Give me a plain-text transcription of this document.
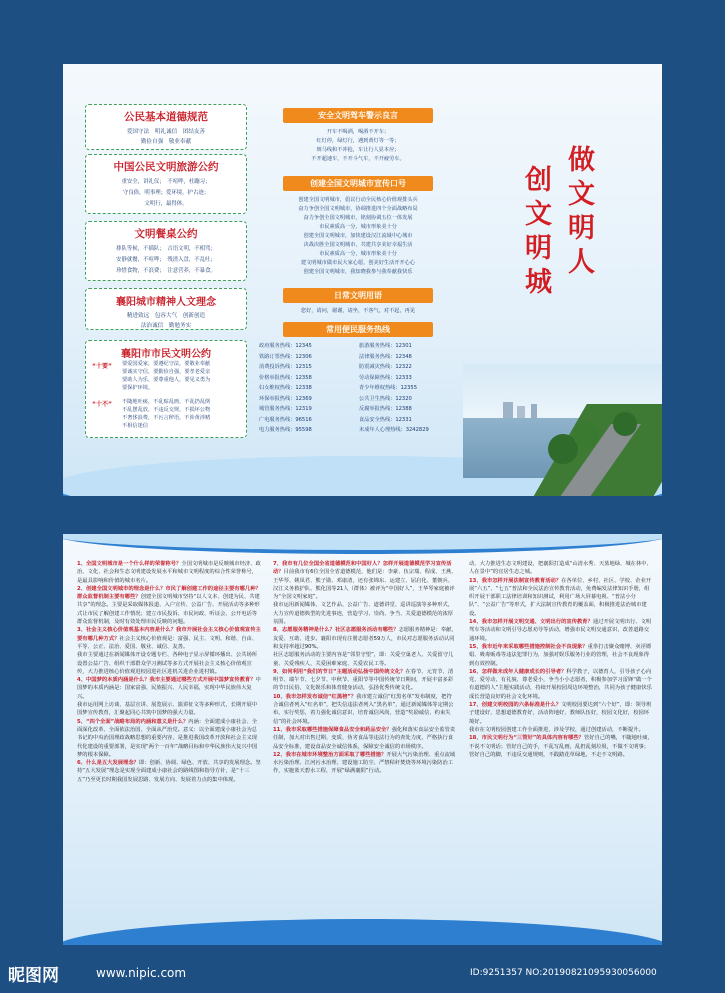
公民基本道德规范
爱国守法　明礼诚信　团结友善
勤俭自强　敬业奉献
中国公民文明旅游公约
重安全，讲礼仪；　不喧哗，杜蹦习；
守良俗，明事理；爱环境，护古迹；
文明行，最得体。
文明餐桌公约
排队等候，不插队；　吉语文明，不相骂；
安静就餐，不喧哗；　残渣入盘，不乱吐；
珍惜食物，不浪费；　注意营养，不暴食。
襄阳城市精神人文理念
精进致远　包容大气　创新创造
法治诚信　勤勉务实
襄阳市市民文明公约
“十要” 要爱国爱家，要遵纪守法，要敬业奉献
要诚实守信，要勤俭自强，要孝老爱亲
要助人为乐，要尊重他人，要见义勇为
要保护环境。
“十不” 不随地吐痰，不乱贴乱画，不乱扔乱倒
不乱摆乱放，不违反交规，不损坏公物
不奢侈浪费，不污言秽语，不涉黄涉赌
不相信迷信
安全文明驾车警示良言
开车不喝酒，喝酒不开车；
红灯停，绿灯行，遇到黄灯等一等；
斑马线和不冲抢，车让行人显本应；
不开超速车，不开斗气车，不开疲劳车。
创建全国文明城市宣传口号
创建全国文明城市，倡议行动全民核心价值观排头兵
奋力争创全国文明城市，协调推进四个全面战略布局
奋力争创全国文明城市，铭刻协调五位一体发展
市民素质高一分，城市形象美十分
创建全国文明城市，加快建设汉江流域中心城市
决战决胜全国文明城市，共建共享美好幸福生活
市民素质高一分，城市形象美十分
建文明城市做市民大家心愿，创美好生活开开心心
创建全国文明城市，我知晓我参与我奉献我快乐
日常文明用语
您好，请问，谢谢，请坐，不客气，对不起，再见
常用便民服务热线
政府服务热线：12345
铁路订票热线：12306
消费投诉热线：12315
价格举报热线：12358
妇女维权热线：12338
环保举报热线：12369
城管服务热线：12319
广电服务热线：96516
电力服务热线：95598
旅游服务热线：12301
法律服务热线：12348
防震减灾热线：12322
劳动保障热线：12333
青少年维权热线：12355
公共卫生热线：12320
反腐举报热线：12388
食品安全热线：12331
未成年人心理热线：3242829
做
文
明
人
创
文
明
城
1、全国文明城市是一个什么样的荣誉称号？全国文明城市是反映城市经济、政治、文化、社会和生态文明建设发展水平和城市文明程度的综合性荣誉称号，是最具影响和价值的城市名片。
2、创建全国文明城市的理念是什么？市民了解创建工作的途径主要有哪几种？群众监督机制主要有哪些？创建全国文明城市坚持“以人文本、创建为民、共建共享”的理念。主要是采取媒体报道、入户宣传、公益广告、开展活动等多种形式让市民了解创建工作情况；建立市民投诉、市民问政、听证会、公开电话等群众监督机制，及时有效处理市民反映的问题。
3、社会主义核心价值观基本内容是什么？我市开展社会主义核心价值观宣传主要有哪几种方式？社会主义核心价值观是：富强、民主、文明、和谐、自由、平等、公正、法治、爱国、敬业、诚信、友善。
我市主要通过在新闻媒体开设专题专栏、各种电子显示屏循环播出、公共场所设置公益广告、组织干部群众学习测试等多方式开展社会主义核心价值观宣传，大力推进核心价值观进校园进社区进机关进企业进村镇。
4、中国梦的本质内涵是什么？我市主要通过哪些方式开展中国梦宣传教育？中国梦的本质内涵是：国家富强、民族振兴、人民幸福，实现中华民族伟大复兴。
我市运用网上访谈、基层宣讲、展览展示、演讲征文等多种形式，长期开展中国梦宣传教育，汇聚起同心共筑中国梦的强大力量。
5、“四个全面”战略布局的内涵和意义是什么？内涵：全面建成小康社会、全面深化改革、全面依法治国、全面从严治党。意义：以全面建成小康社会为总书记的中央治国理政战略思想的重要内容，是推进我国改革开放和社会主义现代化建设的重要部署，是实现“两个一百年”战略目标和中华民族伟大复兴中国梦的根本保障。
6、什么是五大发展理念？即：创新、协调、绿色、开放、共享的发展理念。坚持“五大发展”理念是实现全面建成小康社会的路线图和指导方针，是“十三五”乃至更长时期我国发展思路、发展方向、发展着力点的集中体现。
7、我市有几位全国全省道德模范和中国好人？怎样开展道德模范学习宣传活动？目前我市有6位全国全省道德模范，他们是：李豪、伍宗瑞、程成、王燕、王华琴、姚凤君、熊子勋、邓康清，还有张锦东、运建立、屈启化、董朝兵、汉江义务救护队、熊化国等21人（群体）被评为“中国好人”，王华琴家庭被评为“全国文明家庭”。
我市运用新闻媒体、文艺作品、公益广告、道德讲堂、巡讲巡演等多种形式，大力宣传道德典型的先进事迹，营造学习、崇尚、争当、关爱道德模范的浓厚氛围。
8、志愿服务精神是什么？社区志愿服务活动有哪些？志愿服务精神是：奉献、友爱、互助、进步。襄阳市现有注册志愿者59万人，市民对志愿服务活动认同和支持率超过90%。
社区志愿服务活动的主要内容是“邻里守望”，即：关爱空巢老人、关爱留守儿童、关爱残疾人、关爱困难家庭、关爱农民工等。
9、如何利用“我们的节日”主题活动弘扬中国传统文化？在春节、元宵节、清明节、端午节、七夕节、中秋节、重阳节等中国传统节日期间，开展丰富多彩的节日民俗、文化娱乐和体育健身活动，弘扬优秀传统文化。
10、我市怎样发布诚信“红黑榜”？我市建立诚信“红黑名单”发布制度，把符合诚信者列入“红名单”，把失信违法者列入“黑名单”，通过新闻媒体等定期公布，实行奖惩，着力强化诚信意识，培育诚信风尚，营造“奖励诚信、约束失信”的社会环境。
11、我市采取哪些措施保障食品安全和药品安全？强化和落实食品安全监管责任制，加大对出售过期、变质、伪劣食品等违法行为的查处力度，严格执行食品安全标准，建设食品安全诚信体系，保障安全诚信的市场秩序。
12、我市在城市环境整治方面采取了哪些措施？开展大气污染治理、重点流域水污染治理、江河污水治理、建设施工防尘、严禁秸秆焚烧等环境污染防治工作，实施蓝天碧水工程，开展“绿满襄阳”行动。
动，大力推进生态文明建设，把襄阳打造成“山清水秀、天蓝地绿、城在林中、人在景中”的宜居生态之城。
13、我市怎样开展法制宣传教育活动？在各单位、乡村、社区、学校、企业开展“六五”、“七五”普法和全民法治宣传教育活动，免费编发法律知识手册，组织开展干部职工法律培训和知识测试，利用广场大屏幕电视、“普法小分队”、“公益广告”等形式，扩大法制宣传教育的覆盖面，积极推进法治城市建设。
14、我市怎样开展文明交通、文明出行的宣传教育？通过开展文明出行、文明驾车等活动和文明引导志愿劝导等活动，增强市民文明交通意识，改善道路交通环境。
15、我市近年来采取哪些措施控制社会不良现象？重拳打击聚众赌博、卖淫嫖娼、吸毒贩毒等违法犯罪行为，加强对娱乐服务行业的管理，社会不良现象得到有效控制。
16、怎样做未成年人健康成长的引导者？科学教子，以德育人，引导孩子心向党、爱劳动、有礼貌、尊老爱小，争当小小志愿者，积极参加学习雷锋“做一个有道德的人”主题实践活动，持续开展校园周边环境整治，共同为孩子健康快乐成长营造良好的社会文化环境。
17、创建文明校园的六条标准是什么？文明校园要达到“六个好”，即：领导班子建设好，思想道德教育好，活动阵地好，教师队伍好，校园文化好，校园环境好。
我市在文明校园创建工作全面推进，涉及学校，通过创建活动，不断提升。
18、市民文明行为“三管好”的具体内容有哪些？管好自己的嘴，不随地吐痰，不说不文明话；管好自己的手，不乱写乱画，乱扔乱刻垃圾，不做不文明事；管好自己的脚，不违反交通规则，不践踏花草绿地，不走不文明路。
昵图网	www.nipic.com	ID:9251357 NO:20190821095930056000
